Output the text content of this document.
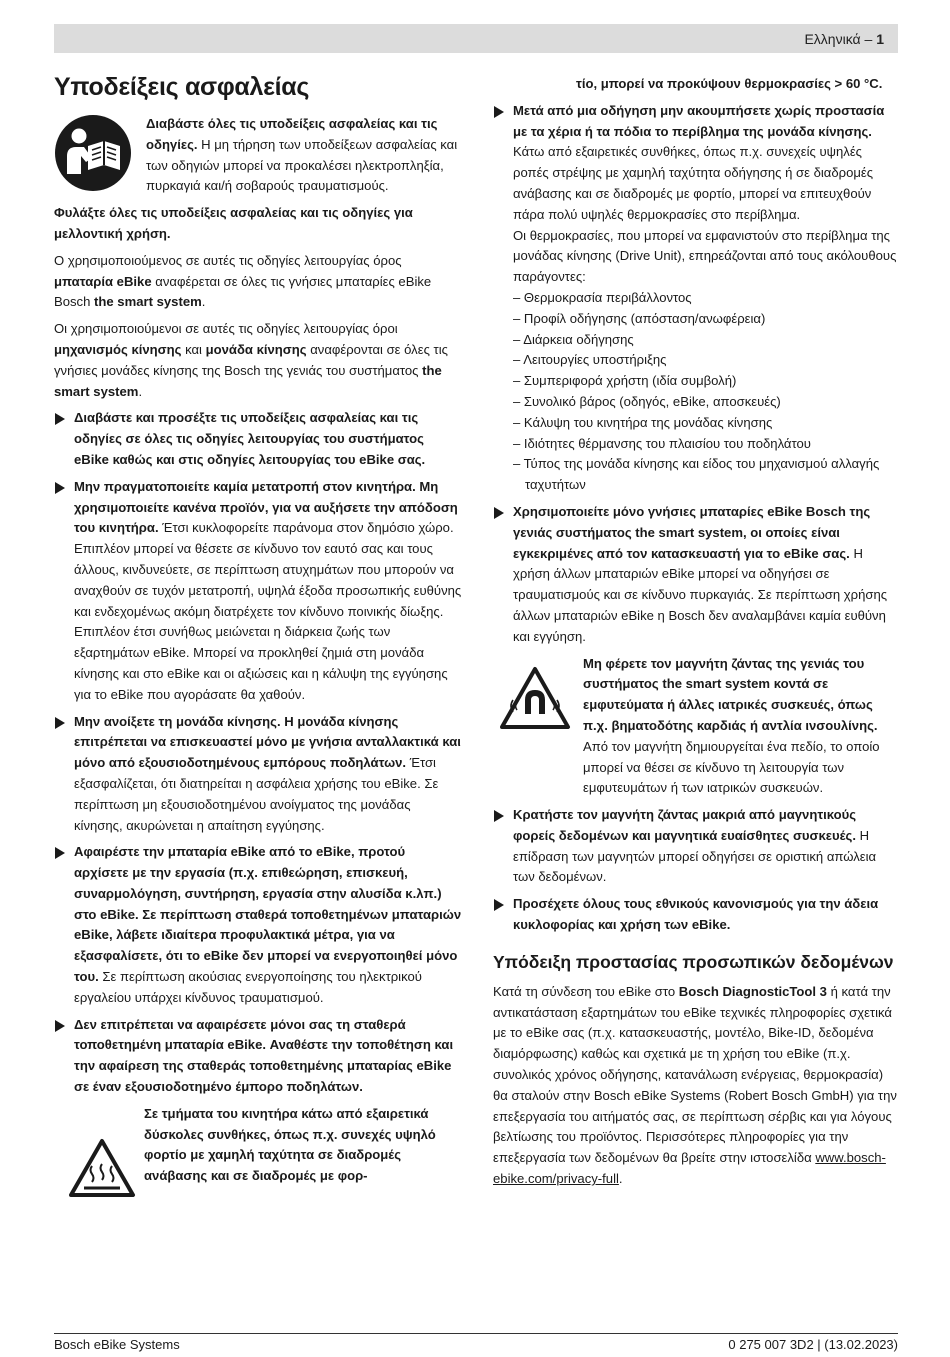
Ελληνικά – 1
Υποδείξεις ασφαλείας
Διαβάστε όλες τις υποδείξεις ασφαλείας και τις οδηγίες. Η μη τήρηση των υποδείξεων ασφαλείας και των οδηγιών μπορεί να προκαλέσει ηλεκτροπληξία, πυρκαγιά και/ή σοβαρούς τραυματισμούς.

Φυλάξτε όλες τις υποδείξεις ασφαλείας και τις οδηγίες για μελλοντική χρήση.

Ο χρησιμοποιούμενος σε αυτές τις οδηγίες λειτουργίας όρος μπαταρία eBike αναφέρεται σε όλες τις γνήσιες μπαταρίες eBike Bosch the smart system.

Οι χρησιμοποιούμενοι σε αυτές τις οδηγίες λειτουργίας όροι μηχανισμός κίνησης και μονάδα κίνησης αναφέρονται σε όλες τις γνήσιες μονάδες κίνησης της Bosch της γενιάς του συστήματος the smart system.

Διαβάστε και προσέξτε τις υποδείξεις ασφαλείας και τις οδηγίες σε όλες τις οδηγίες λειτουργίας του συστήματος eBike καθώς και στις οδηγίες λειτουργίας του eBike σας.
Μην πραγματοποιείτε καμία μετατροπή στον κινητήρα. Μη χρησιμοποιείτε κανένα προϊόν, για να αυξήσετε την απόδοση του κινητήρα. Έτσι κυκλοφορείτε παράνομα στον δημόσιο χώρο. Επιπλέον μπορεί να θέσετε σε κίνδυνο τον εαυτό σας και τους άλλους, κινδυνεύετε, σε περίπτωση ατυχημάτων που μπορούν να αναχθούν σε τυχόν μετατροπή, υψηλά έξοδα προσωπικής ευθύνης και ενδεχομένως ακόμη διατρέχετε τον κίνδυνο ποινικής δίωξης. Επιπλέον έτσι συνήθως μειώνεται η διάρκεια ζωής των εξαρτημάτων eBike. Μπορεί να προκληθεί ζημιά στη μονάδα κίνησης και στο eBike και οι αξιώσεις και η κάλυψη της εγγύησης για το eBike που αγοράσατε θα χαθούν.
Μην ανοίξετε τη μονάδα κίνησης. Η μονάδα κίνησης επιτρέπεται να επισκευαστεί μόνο με γνήσια ανταλλακτικά και μόνο από εξουσιοδοτημένους εμπόρους ποδηλάτων. Έτσι εξασφαλίζεται, ότι διατηρείται η ασφάλεια χρήσης του eBike. Σε περίπτωση μη εξουσιοδοτημένου ανοίγματος της μονάδας κίνησης, ακυρώνεται η απαίτηση εγγύησης.
Αφαιρέστε την μπαταρία eBike από το eBike, προτού αρχίσετε με την εργασία (π.χ. επιθεώρηση, επισκευή, συναρμολόγηση, συντήρηση, εργασία στην αλυσίδα κ.λπ.) στο eBike. Σε περίπτωση σταθερά τοποθετημένων μπαταριών eBike, λάβετε ιδιαίτερα προφυλακτικά μέτρα, για να εξασφαλίσετε, ότι το eBike δεν μπορεί να ενεργοποιηθεί μόνο του. Σε περίπτωση ακούσιας ενεργοποίησης του ηλεκτρικού εργαλείου υπάρχει κίνδυνος τραυματισμού.
Δεν επιτρέπεται να αφαιρέσετε μόνοι σας τη σταθερά τοποθετημένη μπαταρία eBike. Αναθέστε την τοποθέτηση και την αφαίρεση της σταθεράς τοποθετημένης μπαταρίας eBike σε έναν εξουσιοδοτημένο έμπορο ποδηλάτων.
Σε τμήματα του κινητήρα κάτω από εξαιρετικά δύσκολες συνθήκες, όπως π.χ. συνεχές υψηλό φορτίο με χαμηλή ταχύτητα σε διαδρομές ανάβασης και σε διαδρομές με φορ-

τίο, μπορεί να προκύψουν θερμοκρασίες > 60 °C.

Μετά από μια οδήγηση μην ακουμπήσετε χωρίς προστασία με τα χέρια ή τα πόδια το περίβλημα της μονάδα κίνησης. Κάτω από εξαιρετικές συνθήκες, όπως π.χ. συνεχείς υψηλές ροπές στρέψης με χαμηλή ταχύτητα οδήγησης ή σε διαδρομές ανάβασης και σε διαδρομές με φορτίο, μπορεί να επιτευχθούν πάρα πολύ υψηλές θερμοκρασίες στο περίβλημα.
Οι θερμοκρασίες, που μπορεί να εμφανιστούν στο περίβλημα της μονάδας κίνησης (Drive Unit), επηρεάζονται από τους ακόλουθους παράγοντες:
– Θερμοκρασία περιβάλλοντος
– Προφίλ οδήγησης (απόσταση/ανωφέρεια)
– Διάρκεια οδήγησης
– Λειτουργίες υποστήριξης
– Συμπεριφορά χρήστη (ιδία συμβολή)
– Συνολικό βάρος (οδηγός, eBike, αποσκευές)
– Κάλυψη του κινητήρα της μονάδας κίνησης
– Ιδιότητες θέρμανσης του πλαισίου του ποδηλάτου
– Τύπος της μονάδα κίνησης και είδος του μηχανισμού αλλαγής ταχυτήτων
Χρησιμοποιείτε μόνο γνήσιες μπαταρίες eBike Bosch της γενιάς συστήματος the smart system, οι οποίες είναι εγκεκριμένες από τον κατασκευαστή για το eBike σας. Η χρήση άλλων μπαταριών eBike μπορεί να οδηγήσει σε τραυματισμούς και σε κίνδυνο πυρκαγιάς. Σε περίπτωση χρήσης άλλων μπαταριών eBike η Bosch δεν αναλαμβάνει καμία ευθύνη και εγγύηση.
Μη φέρετε τον μαγνήτη ζάντας της γενιάς του συστήματος the smart system κοντά σε εμφυτεύματα ή άλλες ιατρικές συσκευές, όπως π.χ. βηματοδότης καρδιάς ή αντλία ινσουλίνης. Από τον μαγνήτη δημιουργείται ένα πεδίο, το οποίο μπορεί να θέσει σε κίνδυνο τη λειτουργία των εμφυτευμάτων ή των ιατρικών συσκευών.
Κρατήστε τον μαγνήτη ζάντας μακριά από μαγνητικούς φορείς δεδομένων και μαγνητικά ευαίσθητες συσκευές. Η επίδραση των μαγνητών μπορεί οδηγήσει σε οριστική απώλεια των δεδομένων.
Προσέχετε όλους τους εθνικούς κανονισμούς για την άδεια κυκλοφορίας και χρήση των eBike.
Υπόδειξη προστασίας προσωπικών δεδομένων

Κατά τη σύνδεση του eBike στο Bosch DiagnosticTool 3 ή κατά την αντικατάσταση εξαρτημάτων του eBike τεχνικές πληροφορίες σχετικά με το eBike σας (π.χ. κατασκευαστής, μοντέλο, Bike-ID, δεδομένα διαμόρφωσης) καθώς και σχετικά με τη χρήση του eBike (π.χ. συνολικός χρόνος οδήγησης, κατανάλωση ενέργειας, θερμοκρασία) θα σταλούν στην Bosch eBike Systems (Robert Bosch GmbH) για την επεξεργασία του αιτήματός σας, σε περίπτωση σέρβις και για λόγους βελτίωσης του προϊόντος. Περισσότερες πληροφορίες για την επεξεργασία των δεδομένων θα βρείτε στην ιστοσελίδα www.bosch-ebike.com/privacy-full.

Bosch eBike Systems	0 275 007 3D2 | (13.02.2023)
